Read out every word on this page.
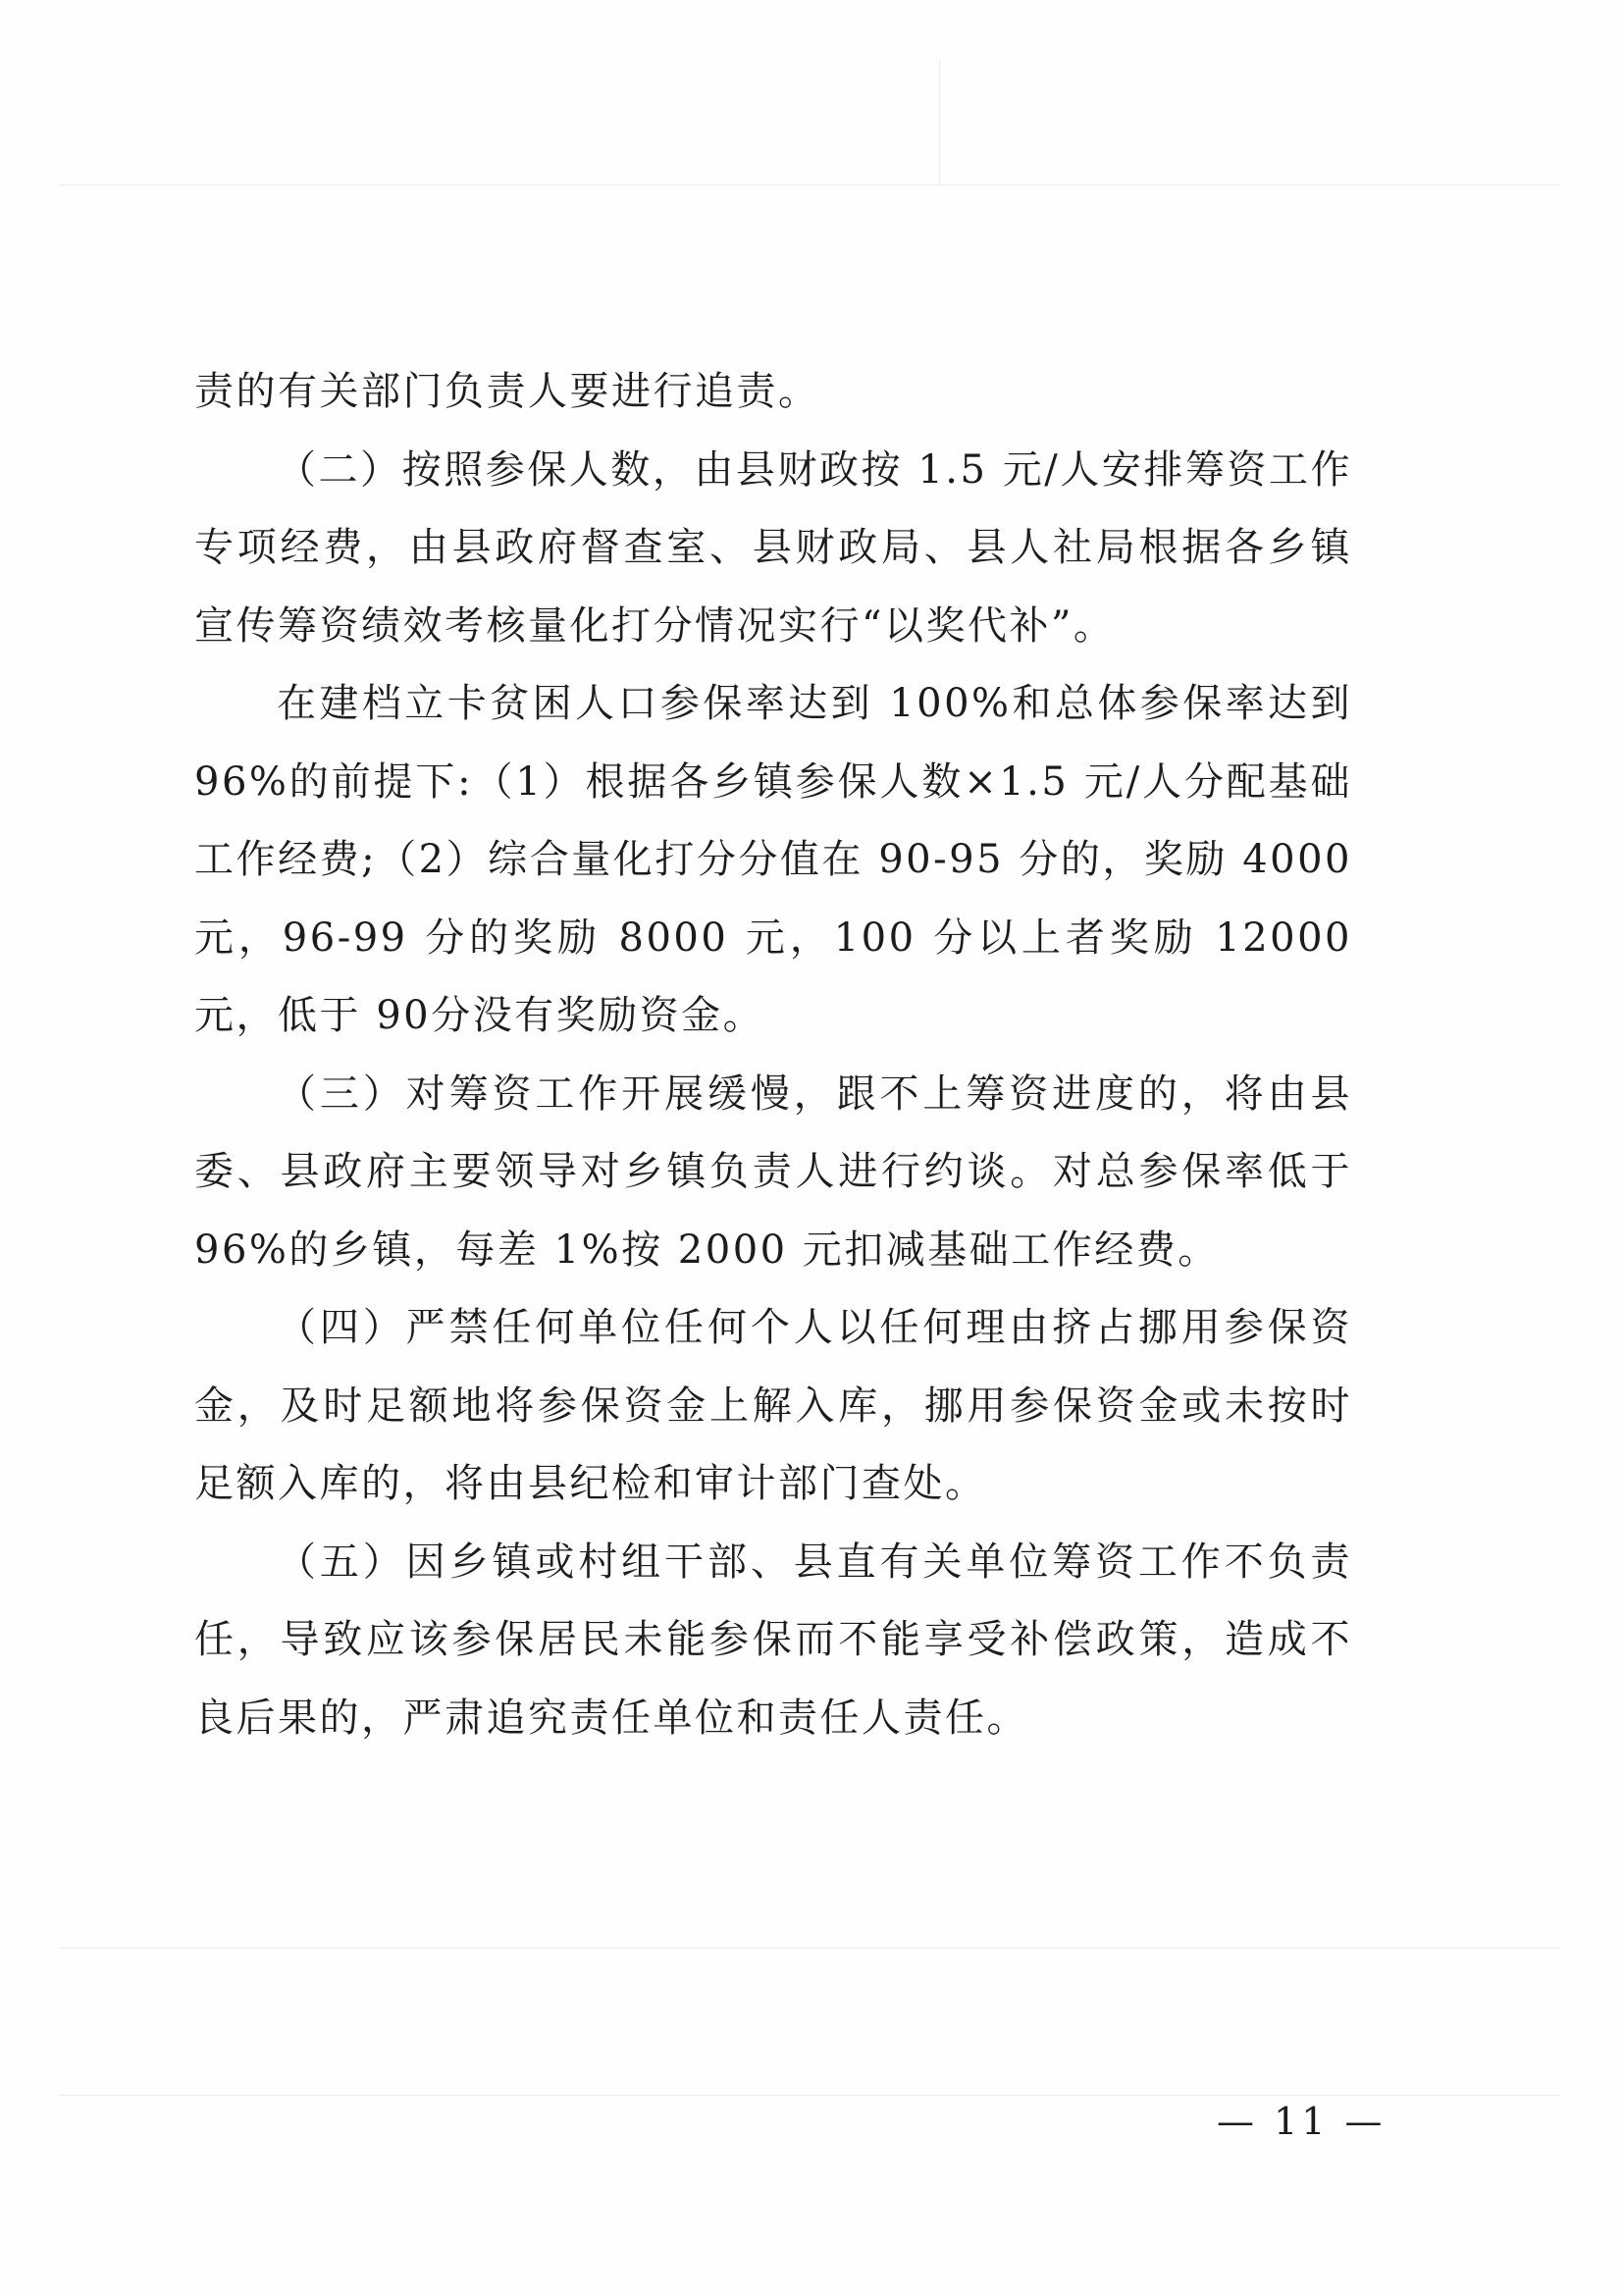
责的有关部门负责人要进行追责。

（二）按照参保人数，由县财政按 1.5 元/人安排筹资工作专项经费，由县政府督查室、县财政局、县人社局根据各乡镇宣传筹资绩效考核量化打分情况实行“以奖代补”。

在建档立卡贫困人口参保率达到 100%和总体参保率达到96%的前提下:（1）根据各乡镇参保人数×1.5 元/人分配基础工作经费;（2）综合量化打分分值在 90-95 分的，奖励 4000 元，96-99 分的奖励 8000 元，100 分以上者奖励 12000 元，低于 90分没有奖励资金。

（三）对筹资工作开展缓慢，跟不上筹资进度的，将由县委、县政府主要领导对乡镇负责人进行约谈。对总参保率低于96%的乡镇，每差 1%按 2000 元扣减基础工作经费。

（四）严禁任何单位任何个人以任何理由挤占挪用参保资金，及时足额地将参保资金上解入库，挪用参保资金或未按时足额入库的，将由县纪检和审计部门查处。

（五）因乡镇或村组干部、县直有关单位筹资工作不负责任，导致应该参保居民未能参保而不能享受补偿政策，造成不良后果的，严肃追究责任单位和责任人责任。

— 11 —
